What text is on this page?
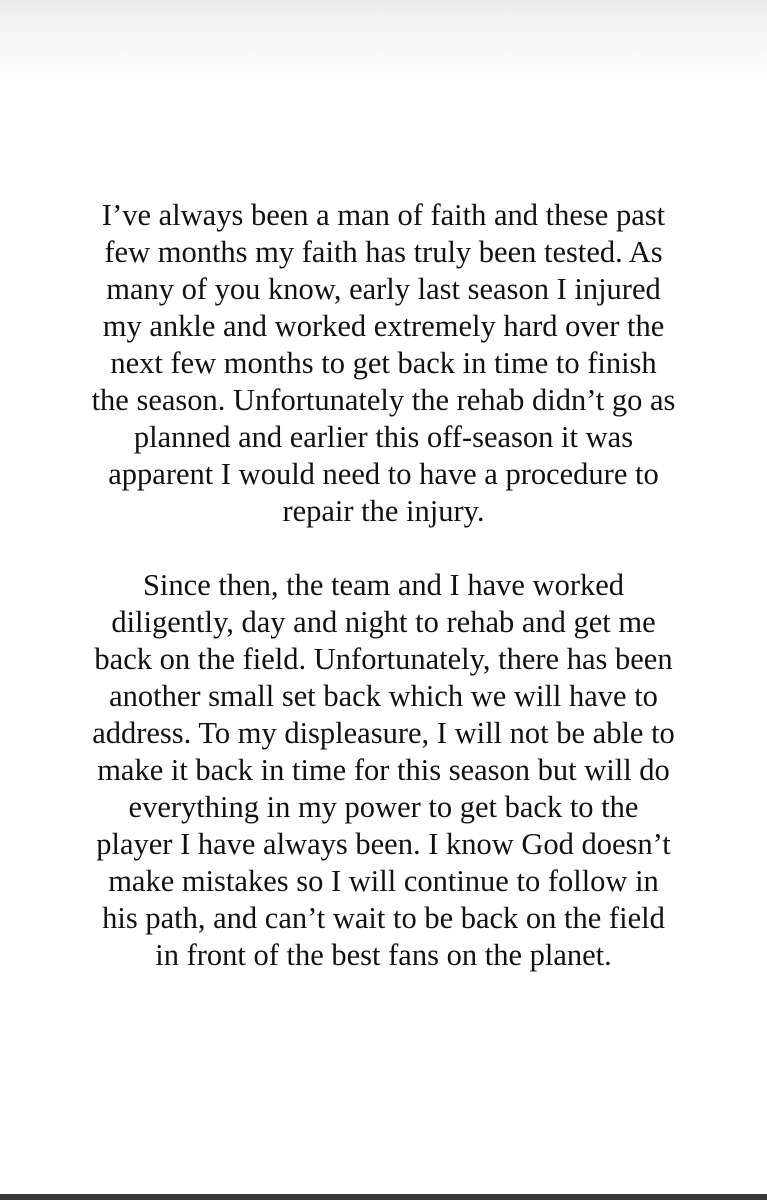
I’ve always been a man of faith and these past
few months my faith has truly been tested. As
many of you know, early last season I injured
my ankle and worked extremely hard over the
next few months to get back in time to finish
the season. Unfortunately the rehab didn’t go as
planned and earlier this off-season it was
apparent I would need to have a procedure to
repair the injury.

Since then, the team and I have worked
diligently, day and night to rehab and get me
back on the field. Unfortunately, there has been
another small set back which we will have to
address. To my displeasure, I will not be able to
make it back in time for this season but will do
everything in my power to get back to the
player I have always been. I know God doesn’t
make mistakes so I will continue to follow in
his path, and can’t wait to be back on the field
in front of the best fans on the planet.
